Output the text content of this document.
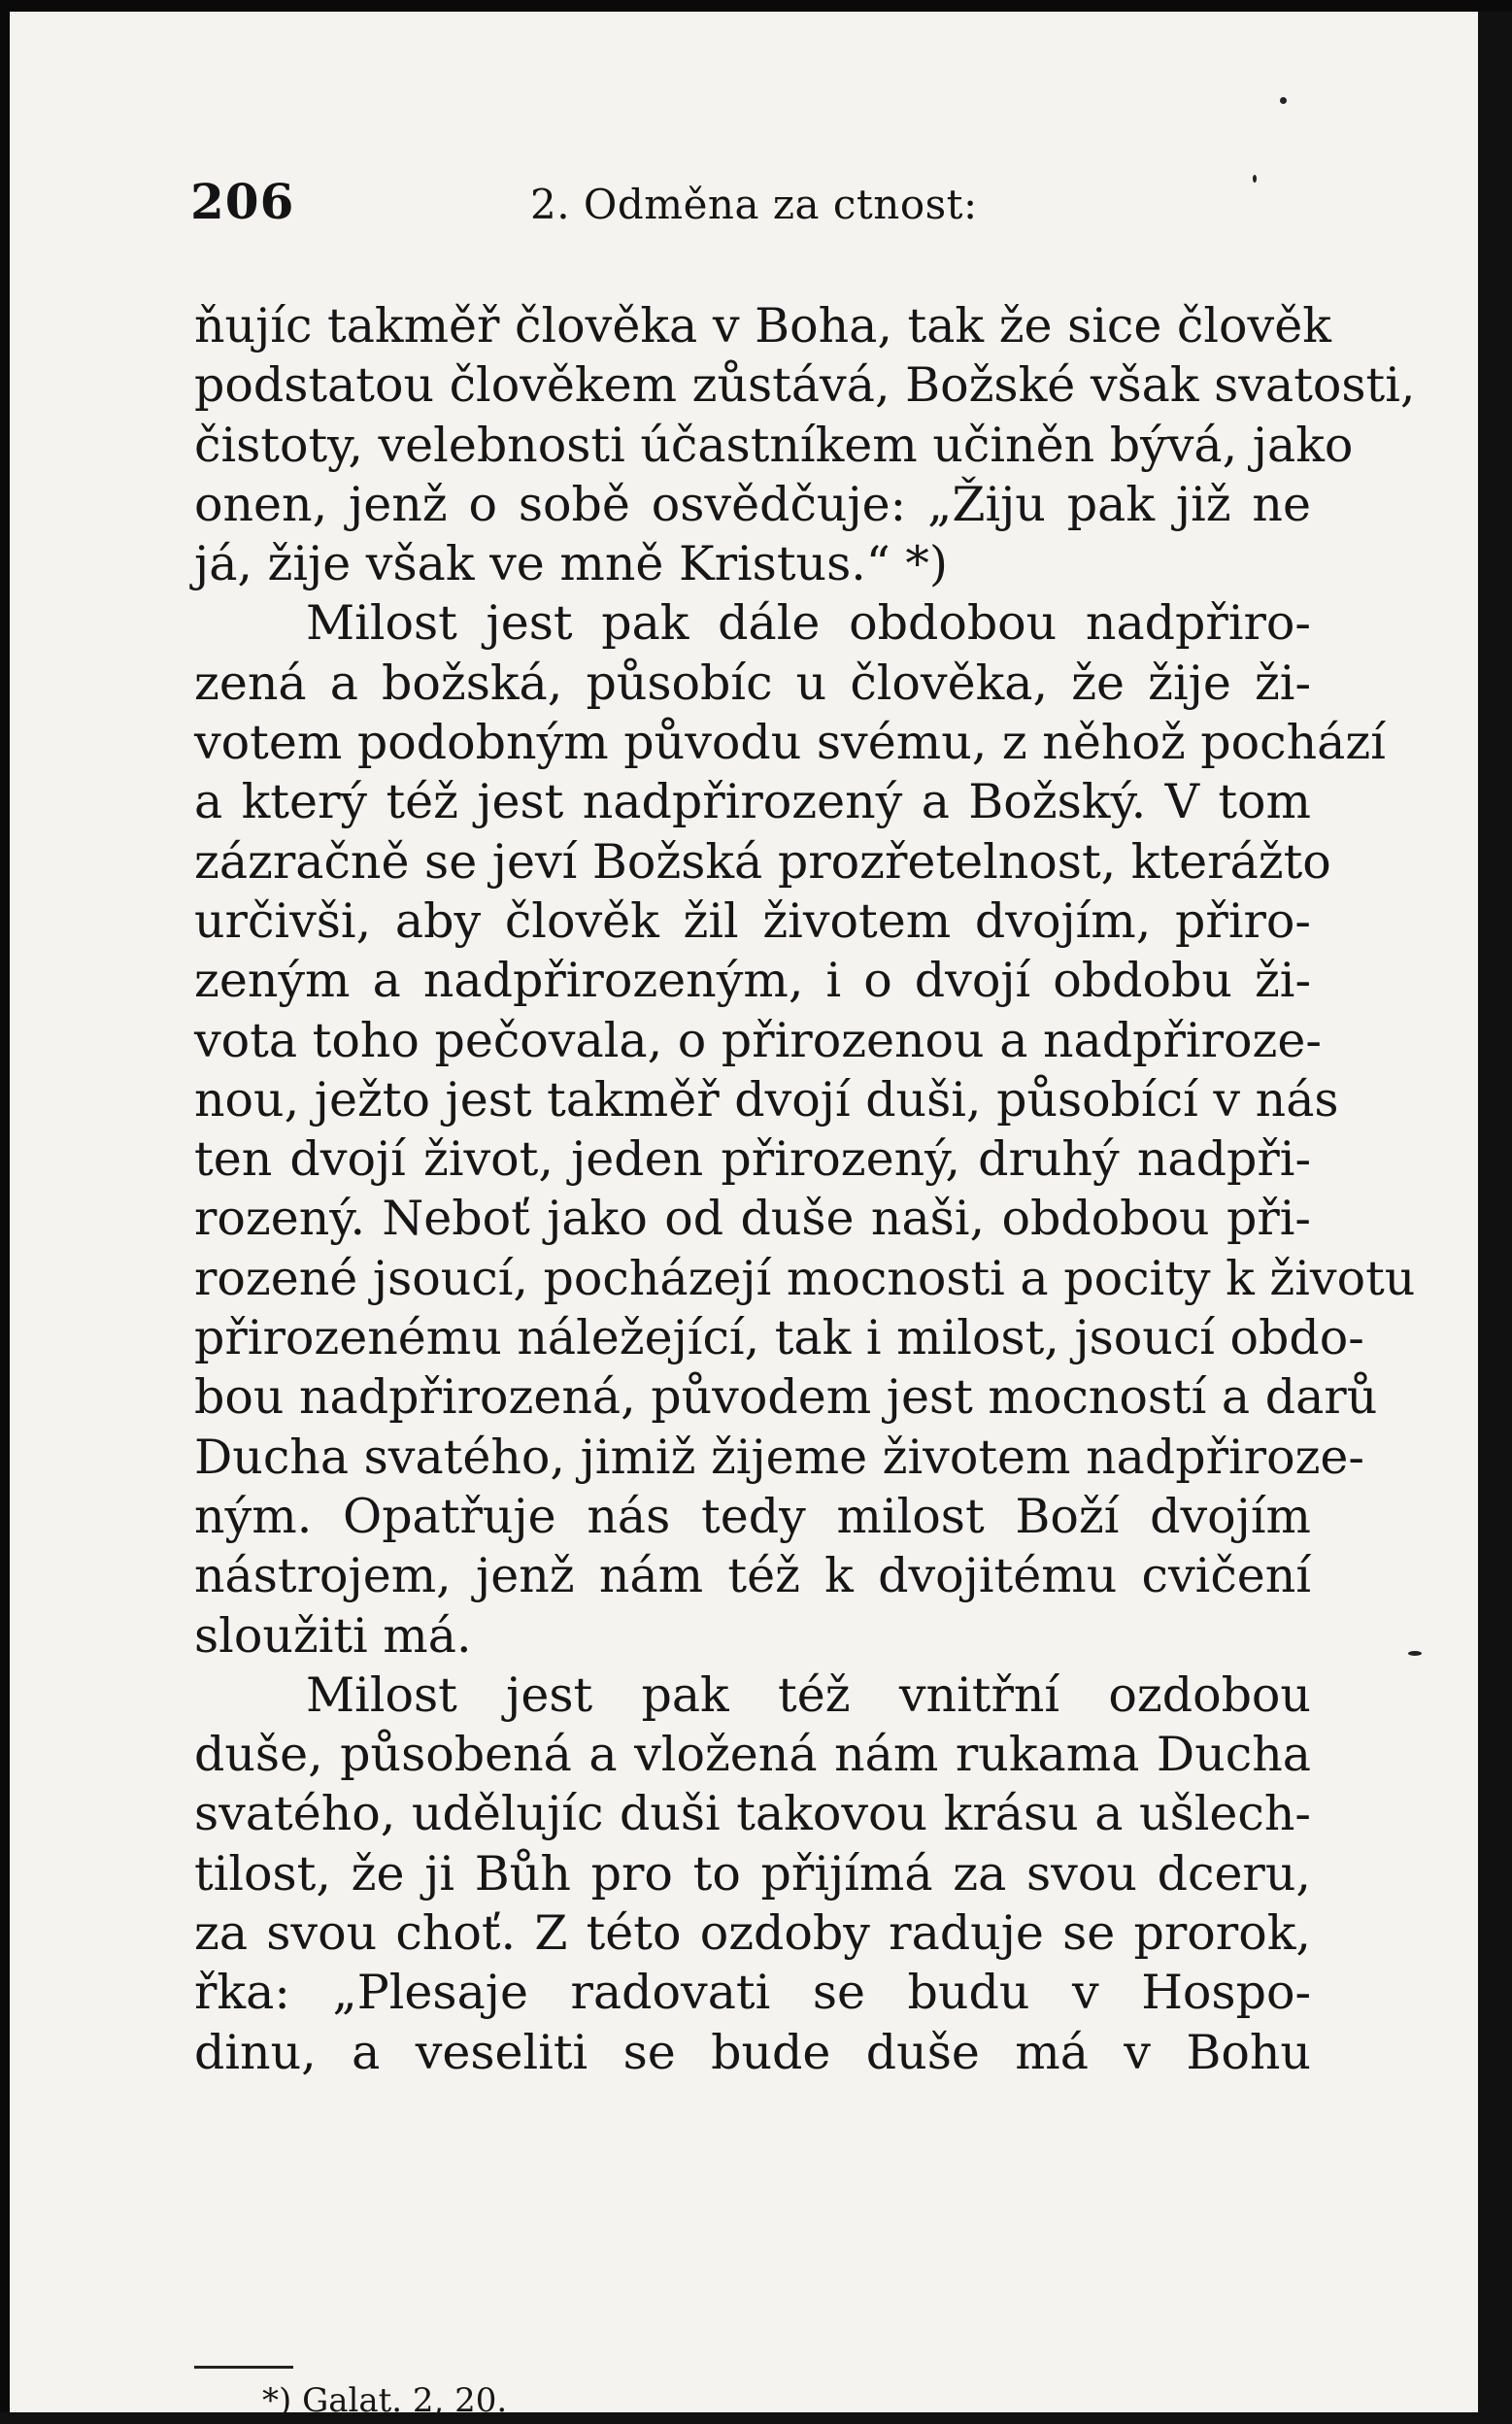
206	2. Odměna za ctnost:
ňujíc takměř člověka v Boha, tak že sice člověk
podstatou člověkem zůstává, Božské však svatosti,
čistoty, velebnosti účastníkem učiněn bývá, jako
onen, jenž o sobě osvědčuje: „Žiju pak již ne
já, žije však ve mně Kristus.“ *)
Milost jest pak dále obdobou nadpřiro-
zená a božská, působíc u člověka, že žije ži-
votem podobným původu svému, z něhož pochází
a který též jest nadpřirozený a Božský. V tom
zázračně se jeví Božská prozřetelnost, kterážto
určivši, aby člověk žil životem dvojím, přiro-
zeným a nadpřirozeným, i o dvojí obdobu ži-
vota toho pečovala, o přirozenou a nadpřiroze-
nou, ježto jest takměř dvojí duši, působící v nás
ten dvojí život, jeden přirozený, druhý nadpři-
rozený. Neboť jako od duše naši, obdobou při-
rozené jsoucí, pocházejí mocnosti a pocity k životu
přirozenému náležející, tak i milost, jsoucí obdo-
bou nadpřirozená, původem jest mocností a darů
Ducha svatého, jimiž žijeme životem nadpřiroze-
ným. Opatřuje nás tedy milost Boží dvojím
nástrojem, jenž nám též k dvojitému cvičení
sloužiti má.
Milost jest pak též vnitřní ozdobou
duše, působená a vložená nám rukama Ducha
svatého, udělujíc duši takovou krásu a ušlech-
tilost, že ji Bůh pro to přijímá za svou dceru,
za svou choť. Z této ozdoby raduje se prorok,
řka: „Plesaje radovati se budu v Hospo-
dinu, a veseliti se bude duše má v Bohu
*) Galat. 2, 20.
